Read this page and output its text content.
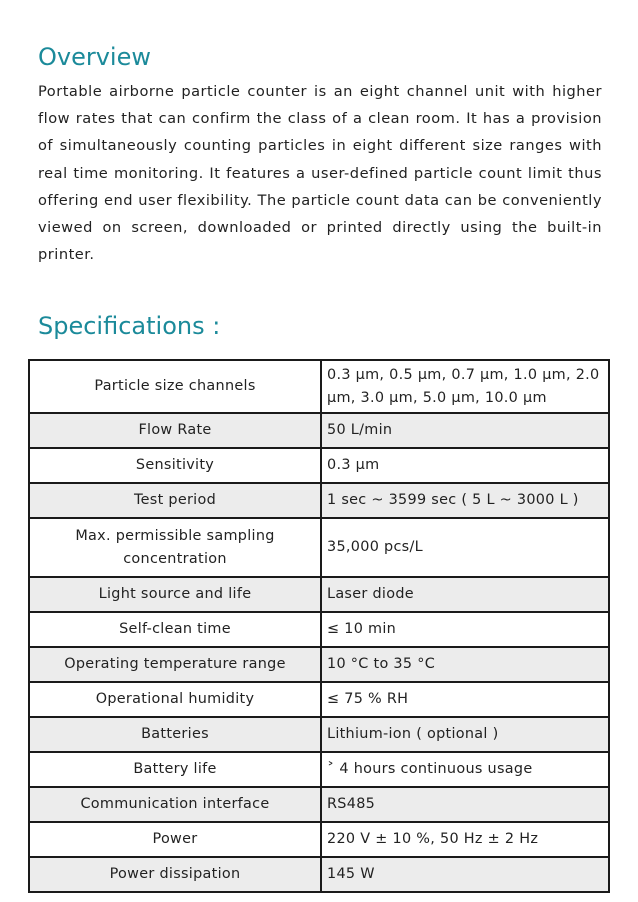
Overview

Portable airborne particle counter is an eight channel unit with higher flow rates that can confirm the class of a clean room. It has a provision of simultaneously counting particles in eight different size ranges with real time monitoring. It features a user-defined particle count limit thus offering end user flexibility. The particle count data can be conveniently viewed on screen, downloaded or printed directly using the built-in printer.

Specifications :
Particle size channels	0.3 µm, 0.5 µm, 0.7 µm, 1.0 µm, 2.0 µm, 3.0 µm, 5.0 µm, 10.0 µm
Flow Rate	50 L/min
Sensitivity	0.3 µm
Test period	1 sec ~ 3599 sec ( 5 L ~ 3000 L )
Max. permissible sampling concentration	35,000 pcs/L
Light source and life	Laser diode
Self-clean time	≤ 10 min
Operating temperature range	10 °C to 35 °C
Operational humidity	≤ 75 % RH
Batteries	Lithium-ion ( optional )
Battery life	˃ 4 hours continuous usage
Communication interface	RS485
Power	220 V ± 10 %, 50 Hz ± 2 Hz
Power dissipation	145 W
